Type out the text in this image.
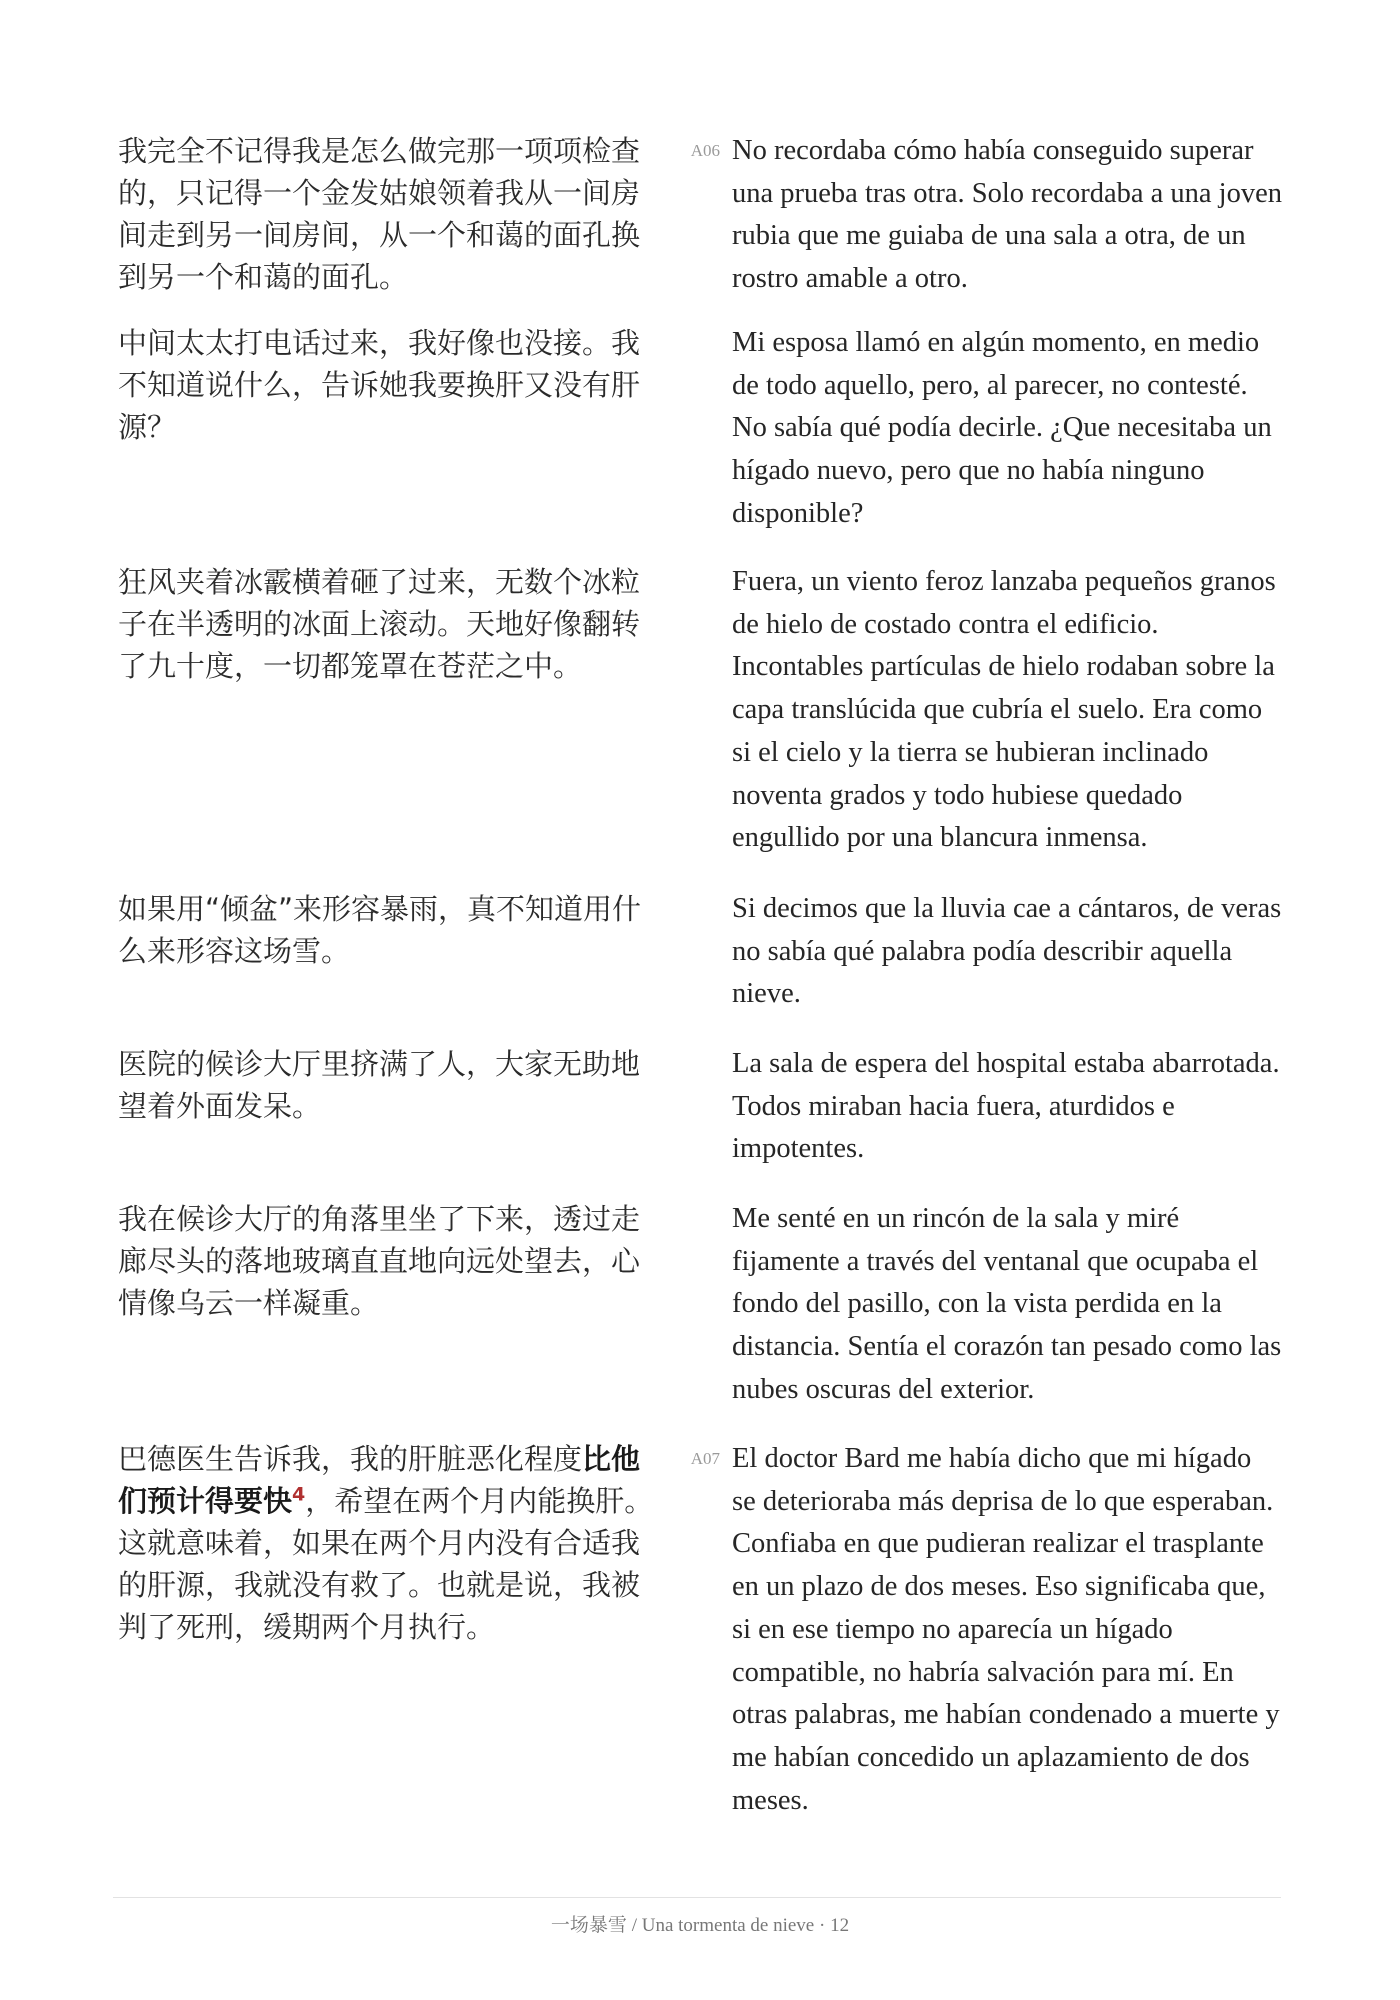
我完全不记得我是怎么做完那一项项检查的，只记得一个金发姑娘领着我从一间房间走到另一间房间，从一个和蔼的面孔换到另一个和蔼的面孔。
A06 No recordaba cómo había conseguido superar una prueba tras otra. Solo recordaba a una joven rubia que me guiaba de una sala a otra, de un rostro amable a otro.
中间太太打电话过来，我好像也没接。我不知道说什么，告诉她我要换肝又没有肝源？
Mi esposa llamó en algún momento, en medio de todo aquello, pero, al parecer, no contesté. No sabía qué podía decirle. ¿Que necesitaba un hígado nuevo, pero que no había ninguno disponible?
狂风夹着冰霰横着砸了过来，无数个冰粒子在半透明的冰面上滚动。天地好像翻转了九十度，一切都笼罩在苍茫之中。
Fuera, un viento feroz lanzaba pequeños granos de hielo de costado contra el edificio. Incontables partículas de hielo rodaban sobre la capa translúcida que cubría el suelo. Era como si el cielo y la tierra se hubieran inclinado noventa grados y todo hubiese quedado engullido por una blancura inmensa.
如果用“倾盆”来形容暴雨，真不知道用什么来形容这场雪。
Si decimos que la lluvia cae a cántaros, de veras no sabía qué palabra podía describir aquella nieve.
医院的候诊大厅里挤满了人，大家无助地望着外面发呆。
La sala de espera del hospital estaba abarrotada. Todos miraban hacia fuera, aturdidos e impotentes.
我在候诊大厅的角落里坐了下来，透过走廊尽头的落地玻璃直直地向远处望去，心情像乌云一样凝重。
Me senté en un rincón de la sala y miré fijamente a través del ventanal que ocupaba el fondo del pasillo, con la vista perdida en la distancia. Sentía el corazón tan pesado como las nubes oscuras del exterior.
巴德医生告诉我，我的肝脏恶化程度比他们预计得要快$^4$，希望在两个月内能换肝。这就意味着，如果在两个月内没有合适我的肝源，我就没有救了。也就是说，我被判了死刑，缓期两个月执行。
A07 El doctor Bard me había dicho que mi hígado se deterioraba más deprisa de lo que esperaban. Confiaba en que pudieran realizar el trasplante en un plazo de dos meses. Eso significaba que, si en ese tiempo no aparecía un hígado compatible, no habría salvación para mí. En otras palabras, me habían condenado a muerte y me habían concedido un aplazamiento de dos meses.
一场暴雪 / Una tormenta de nieve · 12
